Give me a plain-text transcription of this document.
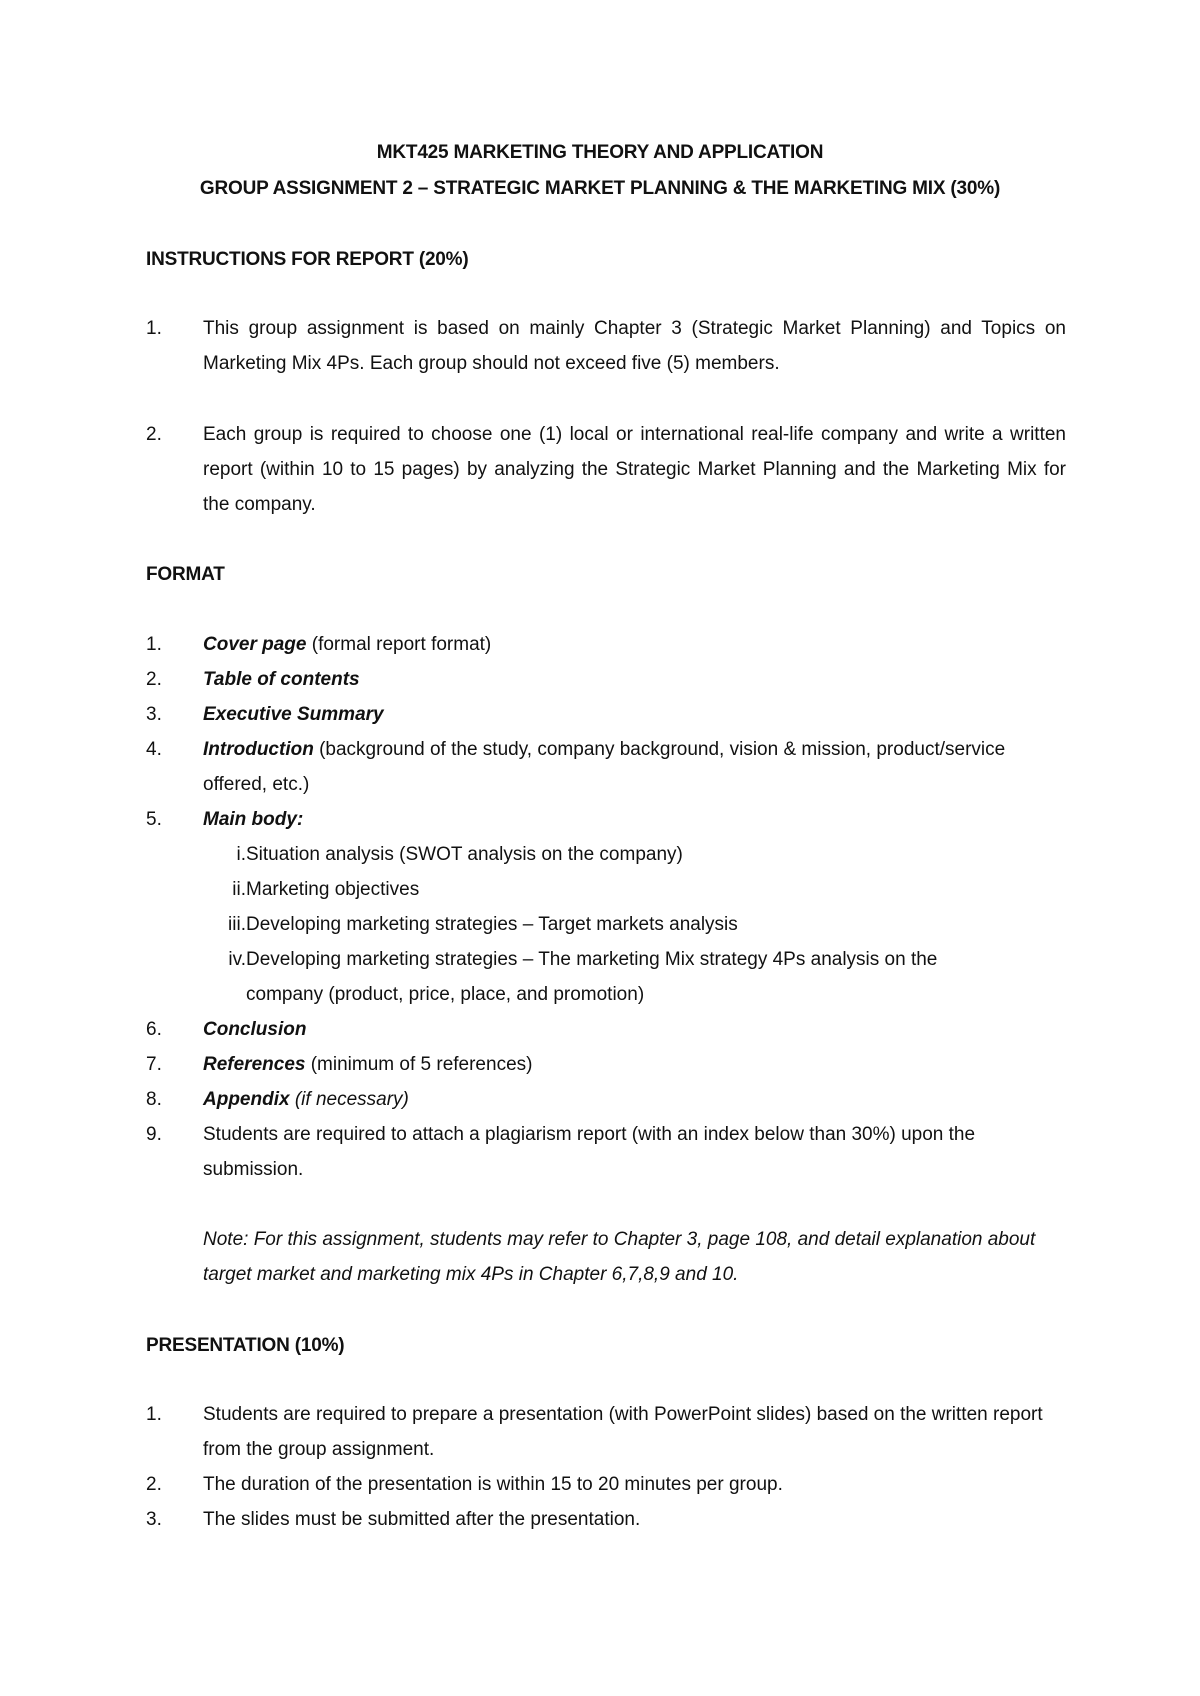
MKT425 MARKETING THEORY AND APPLICATION
GROUP ASSIGNMENT 2 – STRATEGIC MARKET PLANNING & THE MARKETING MIX (30%)
INSTRUCTIONS FOR REPORT (20%)
1. This group assignment is based on mainly Chapter 3 (Strategic Market Planning) and Topics on Marketing Mix 4Ps. Each group should not exceed five (5) members.
2. Each group is required to choose one (1) local or international real-life company and write a written report (within 10 to 15 pages) by analyzing the Strategic Market Planning and the Marketing Mix for the company.
FORMAT
1. Cover page (formal report format)
2. Table of contents
3. Executive Summary
4. Introduction (background of the study, company background, vision & mission, product/service offered, etc.)
5. Main body:
i. Situation analysis (SWOT analysis on the company)
ii. Marketing objectives
iii. Developing marketing strategies – Target markets analysis
iv. Developing marketing strategies – The marketing Mix strategy 4Ps analysis on the company (product, price, place, and promotion)
6. Conclusion
7. References (minimum of 5 references)
8. Appendix (if necessary)
9. Students are required to attach a plagiarism report (with an index below than 30%) upon the submission.
Note: For this assignment, students may refer to Chapter 3, page 108, and detail explanation about target market and marketing mix 4Ps in Chapter 6,7,8,9 and 10.
PRESENTATION (10%)
1. Students are required to prepare a presentation (with PowerPoint slides) based on the written report from the group assignment.
2. The duration of the presentation is within 15 to 20 minutes per group.
3. The slides must be submitted after the presentation.
